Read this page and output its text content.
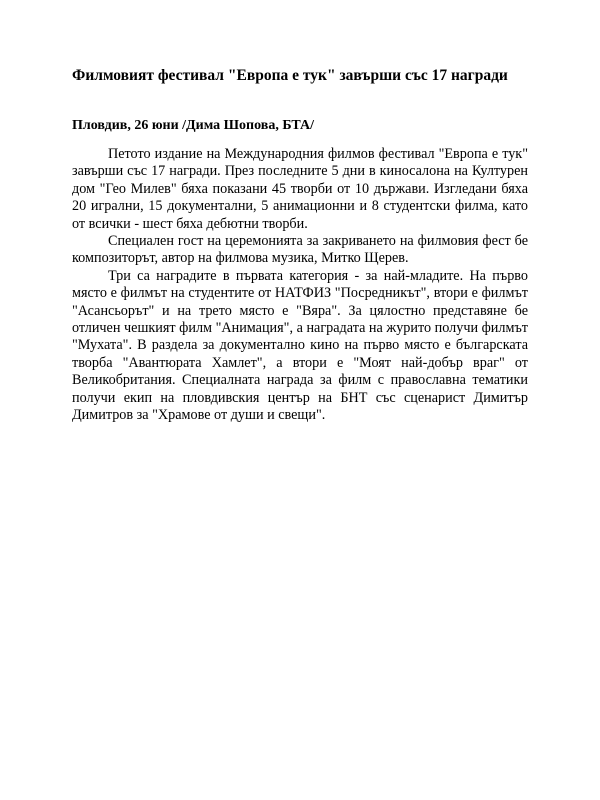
Филмовият фестивал "Европа е тук" завърши със 17 награди
Пловдив, 26 юни /Дима Шопова, БТА/

Петото издание на Международния филмов фестивал "Европа е тук" завърши със 17 награди. През последните 5 дни в киносалона на Културен дом "Гео Милев" бяха показани 45 творби от 10 държави. Изгледани бяха 20 игрални, 15 документални, 5 анимационни и 8 студентски филма, като от всички - шест бяха дебютни творби.

Специален гост на церемонията за закриването на филмовия фест бе композиторът, автор на филмова музика, Митко Щерев.

Три са наградите в първата категория - за най-младите. На първо място е филмът на студентите от НАТФИЗ "Посредникът", втори е филмът "Асансьорът" и на трето място е "Вяра". За цялостно представяне бе отличен чешкият филм "Анимация", а наградата на журито получи филмът "Мухата". В раздела за документално кино на първо място е българската творба "Авантюрата Хамлет", а втори е "Моят най-добър враг" от Великобритания. Специалната награда за филм с православна тематики получи екип на пловдивския център на БНТ със сценарист Димитър Димитров за "Храмове от души и свещи".
